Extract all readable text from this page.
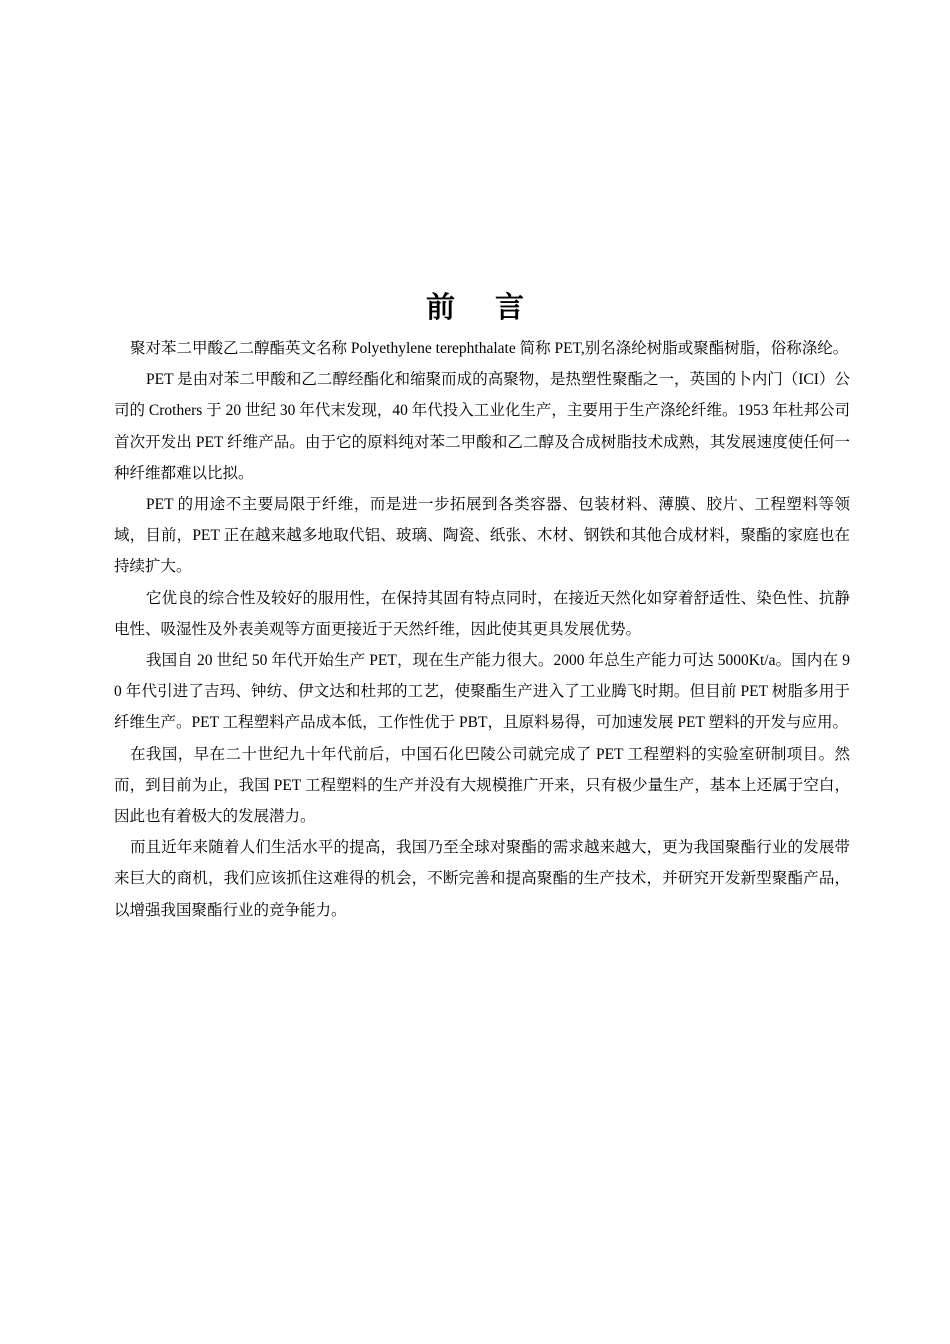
前言

聚对苯二甲酸乙二醇酯英文名称 Polyethylene terephthalate 简称 PET,别名涤纶树脂或聚酯树脂，俗称涤纶。

PET 是由对苯二甲酸和乙二醇经酯化和缩聚而成的高聚物，是热塑性聚酯之一，英国的卜内门（ICI）公司的 Crothers 于 20 世纪 30 年代末发现，40 年代投入工业化生产，主要用于生产涤纶纤维。1953 年杜邦公司首次开发出 PET 纤维产品。由于它的原料纯对苯二甲酸和乙二醇及合成树脂技术成熟，其发展速度使任何一种纤维都难以比拟。

PET 的用途不主要局限于纤维，而是进一步拓展到各类容器、包装材料、薄膜、胶片、工程塑料等领域，目前，PET 正在越来越多地取代铝、玻璃、陶瓷、纸张、木材、钢铁和其他合成材料，聚酯的家庭也在持续扩大。

它优良的综合性及较好的服用性，在保持其固有特点同时，在接近天然化如穿着舒适性、染色性、抗静电性、吸湿性及外表美观等方面更接近于天然纤维，因此使其更具发展优势。

我国自 20 世纪 50 年代开始生产 PET，现在生产能力很大。2000 年总生产能力可达 5000Kt/a。国内在 90 年代引进了吉玛、钟纺、伊文达和杜邦的工艺，使聚酯生产进入了工业腾飞时期。但目前 PET 树脂多用于纤维生产。PET 工程塑料产品成本低，工作性优于 PBT，且原料易得，可加速发展 PET 塑料的开发与应用。

在我国，早在二十世纪九十年代前后，中国石化巴陵公司就完成了 PET 工程塑料的实验室研制项目。然而，到目前为止，我国 PET 工程塑料的生产并没有大规模推广开来，只有极少量生产，基本上还属于空白，因此也有着极大的发展潜力。

而且近年来随着人们生活水平的提高，我国乃至全球对聚酯的需求越来越大，更为我国聚酯行业的发展带来巨大的商机，我们应该抓住这难得的机会，不断完善和提高聚酯的生产技术，并研究开发新型聚酯产品，以增强我国聚酯行业的竞争能力。
